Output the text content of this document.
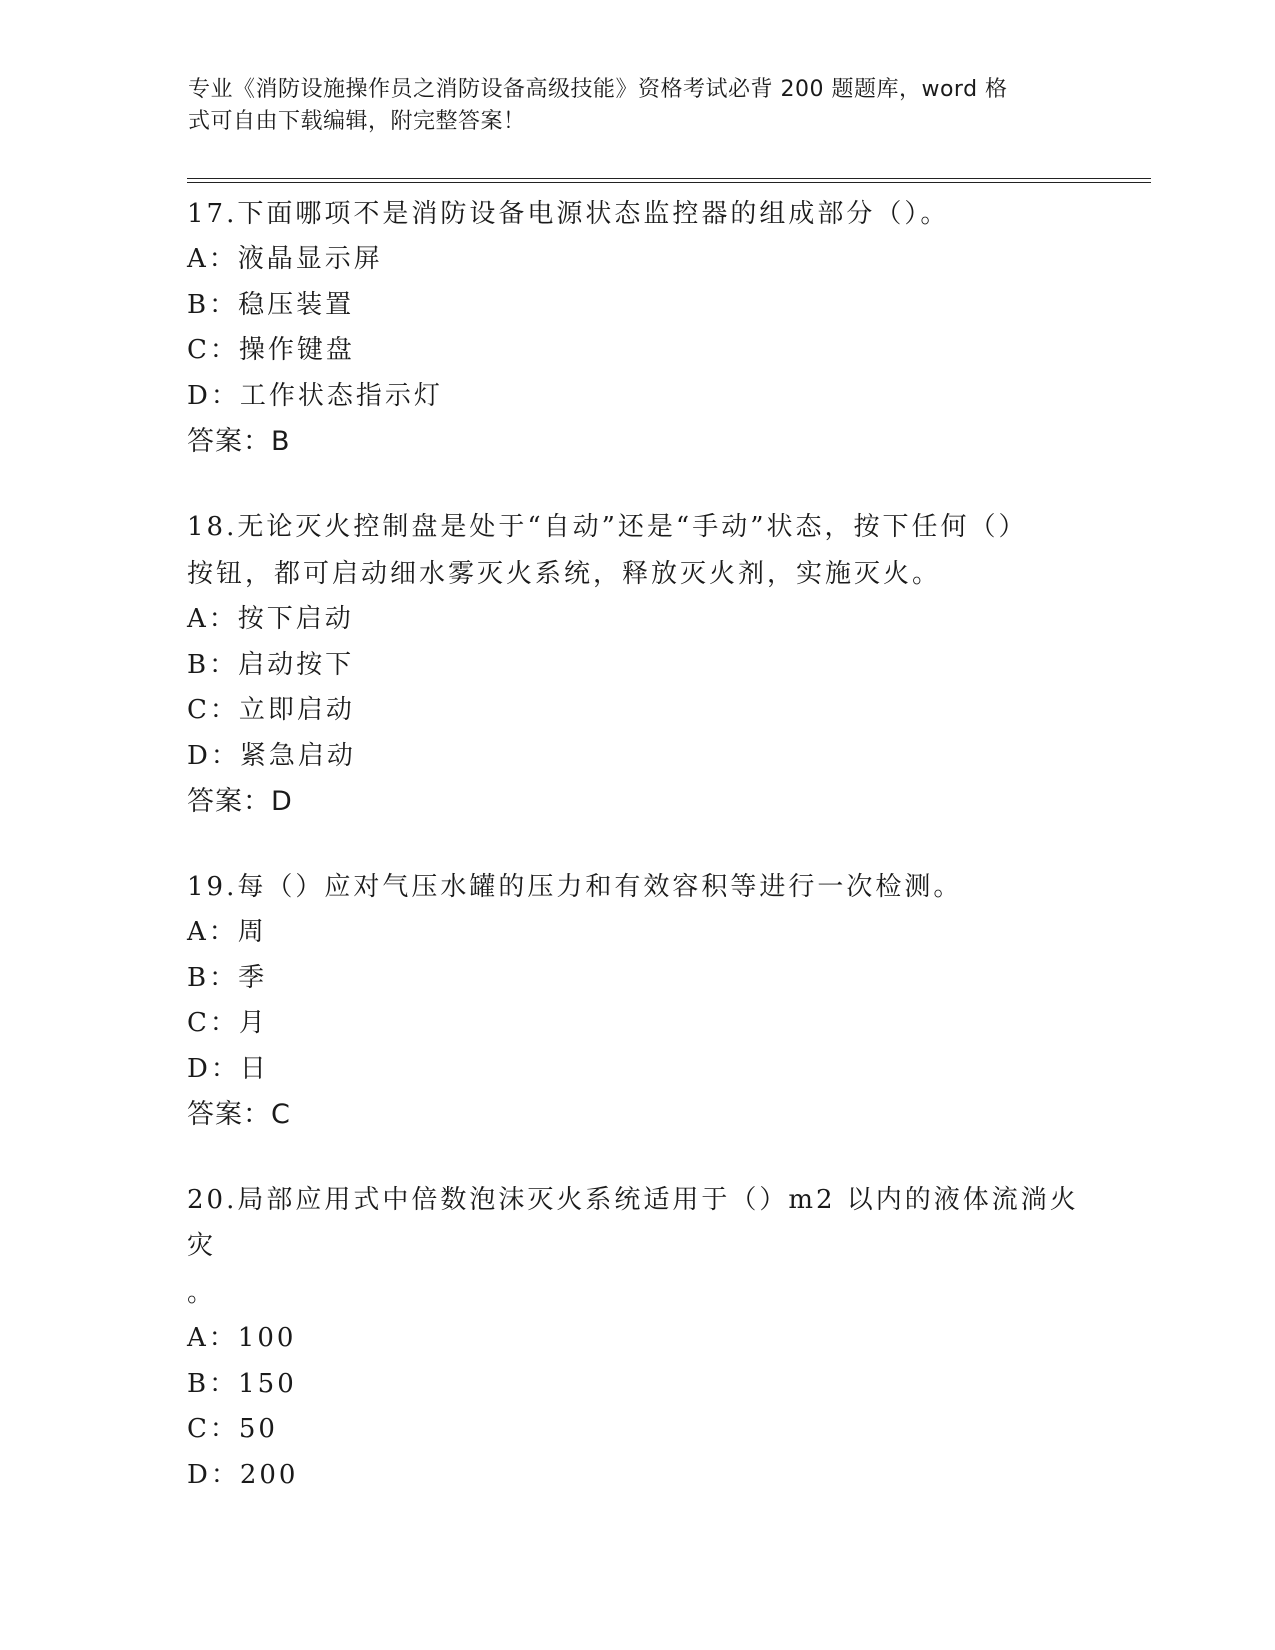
专业《消防设施操作员之消防设备高级技能》资格考试必背 200 题题库，word 格
式可自由下载编辑，附完整答案！
17.下面哪项不是消防设备电源状态监控器的组成部分（）。
A：液晶显示屏
B：稳压装置
C：操作键盘
D：工作状态指示灯
答案：B
18.无论灭火控制盘是处于“自动”还是“手动”状态，按下任何（）
按钮，都可启动细水雾灭火系统，释放灭火剂，实施灭火。
A：按下启动
B：启动按下
C：立即启动
D：紧急启动
答案：D
19.每（）应对气压水罐的压力和有效容积等进行一次检测。
A：周
B：季
C：月
D：日
答案：C
20.局部应用式中倍数泡沫灭火系统适用于（）m2 以内的液体流淌火灾
。
A：100
B：150
C：50
D：200
